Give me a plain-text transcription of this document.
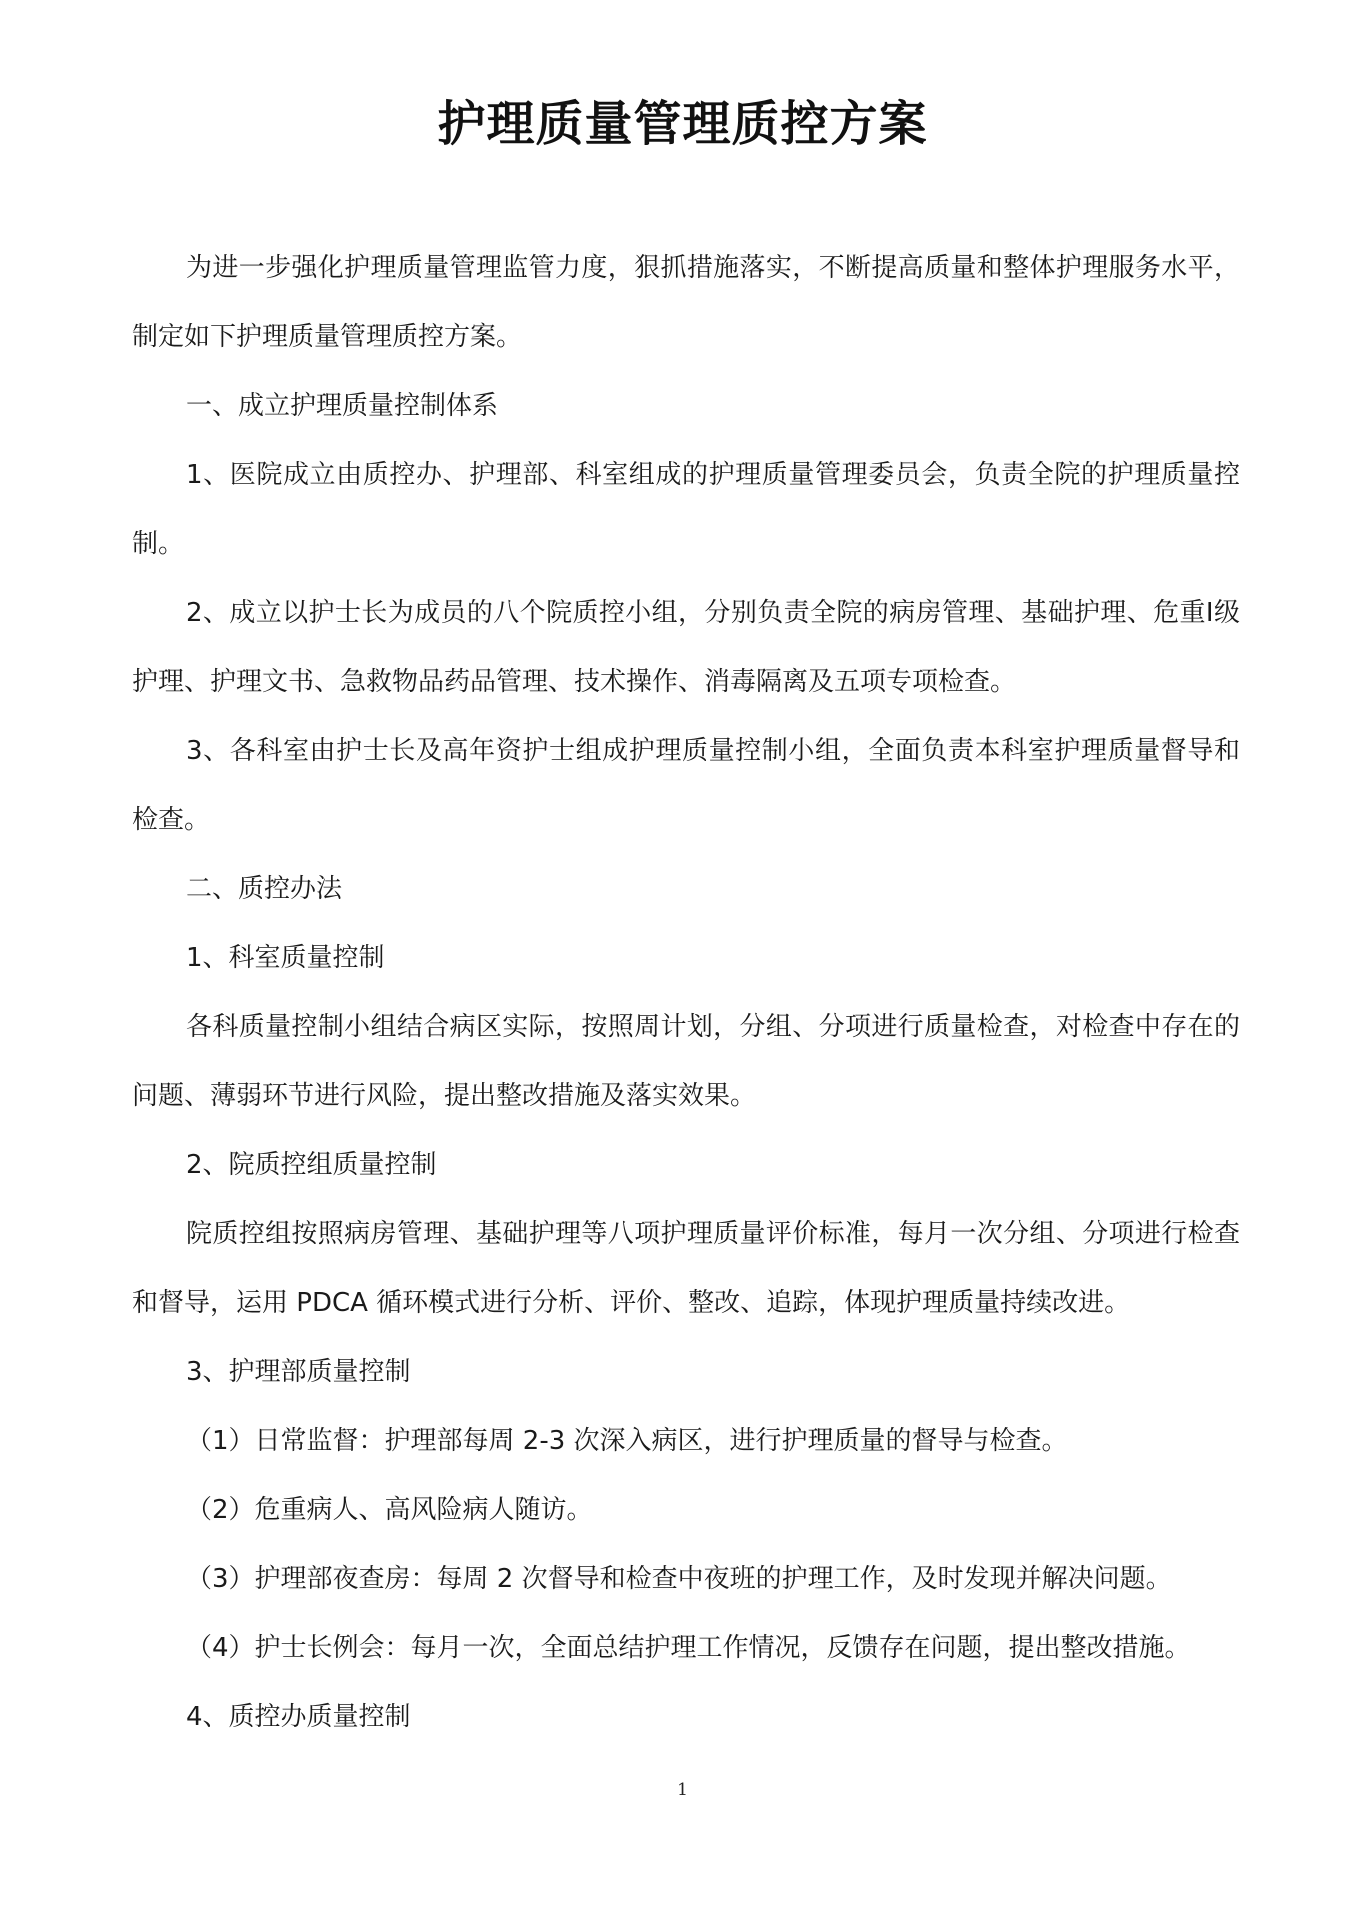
护理质量管理质控方案

为进一步强化护理质量管理监管力度，狠抓措施落实，不断提高质量和整体护理服务水平，制定如下护理质量管理质控方案。

一、成立护理质量控制体系

1、医院成立由质控办、护理部、科室组成的护理质量管理委员会，负责全院的护理质量控制。

2、成立以护士长为成员的八个院质控小组，分别负责全院的病房管理、基础护理、危重Ⅰ级护理、护理文书、急救物品药品管理、技术操作、消毒隔离及五项专项检查。

3、各科室由护士长及高年资护士组成护理质量控制小组，全面负责本科室护理质量督导和检查。

二、质控办法

1、科室质量控制

各科质量控制小组结合病区实际，按照周计划，分组、分项进行质量检查，对检查中存在的问题、薄弱环节进行风险，提出整改措施及落实效果。

2、院质控组质量控制

院质控组按照病房管理、基础护理等八项护理质量评价标准，每月一次分组、分项进行检查和督导，运用 PDCA 循环模式进行分析、评价、整改、追踪，体现护理质量持续改进。

3、护理部质量控制

（1）日常监督：护理部每周 2-3 次深入病区，进行护理质量的督导与检查。

（2）危重病人、高风险病人随访。

（3）护理部夜查房：每周 2 次督导和检查中夜班的护理工作，及时发现并解决问题。

（4）护士长例会：每月一次，全面总结护理工作情况，反馈存在问题，提出整改措施。

4、质控办质量控制

1
